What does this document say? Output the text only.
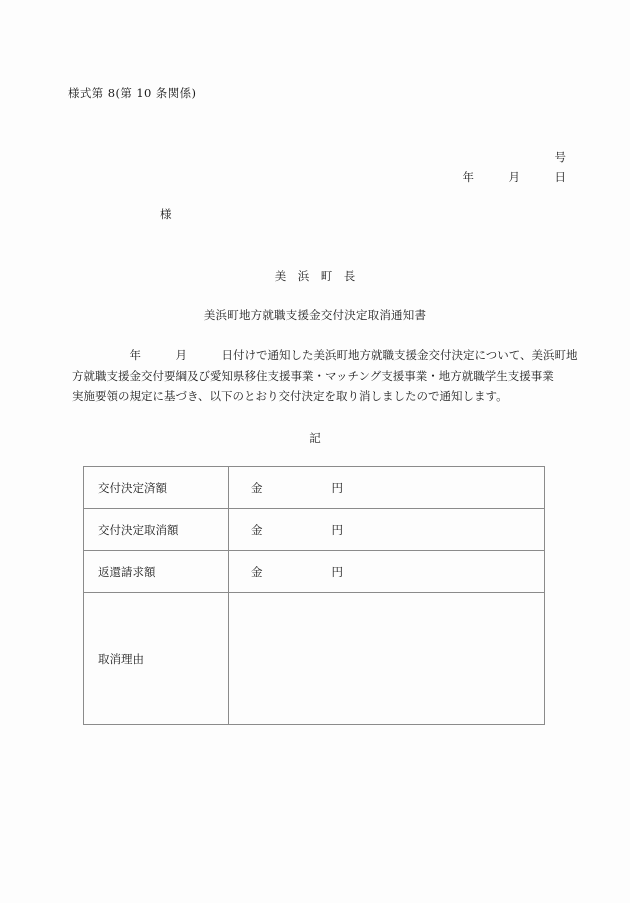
様式第 8(第 10 条関係)
号
年　　　月　　　日
様
美　浜　町　長
美浜町地方就職支援金交付決定取消通知書
　　　　　年　　　月　　　日付けで通知した美浜町地方就職支援金交付決定について、美浜町地
方就職支援金交付要綱及び愛知県移住支援事業・マッチング支援事業・地方就職学生支援事業
実施要領の規定に基づき、以下のとおり交付決定を取り消しましたので通知します。
記
交付決定済額	金　　　　　　円
交付決定取消額	金　　　　　　円
返還請求額	金　　　　　　円
取消理由	
